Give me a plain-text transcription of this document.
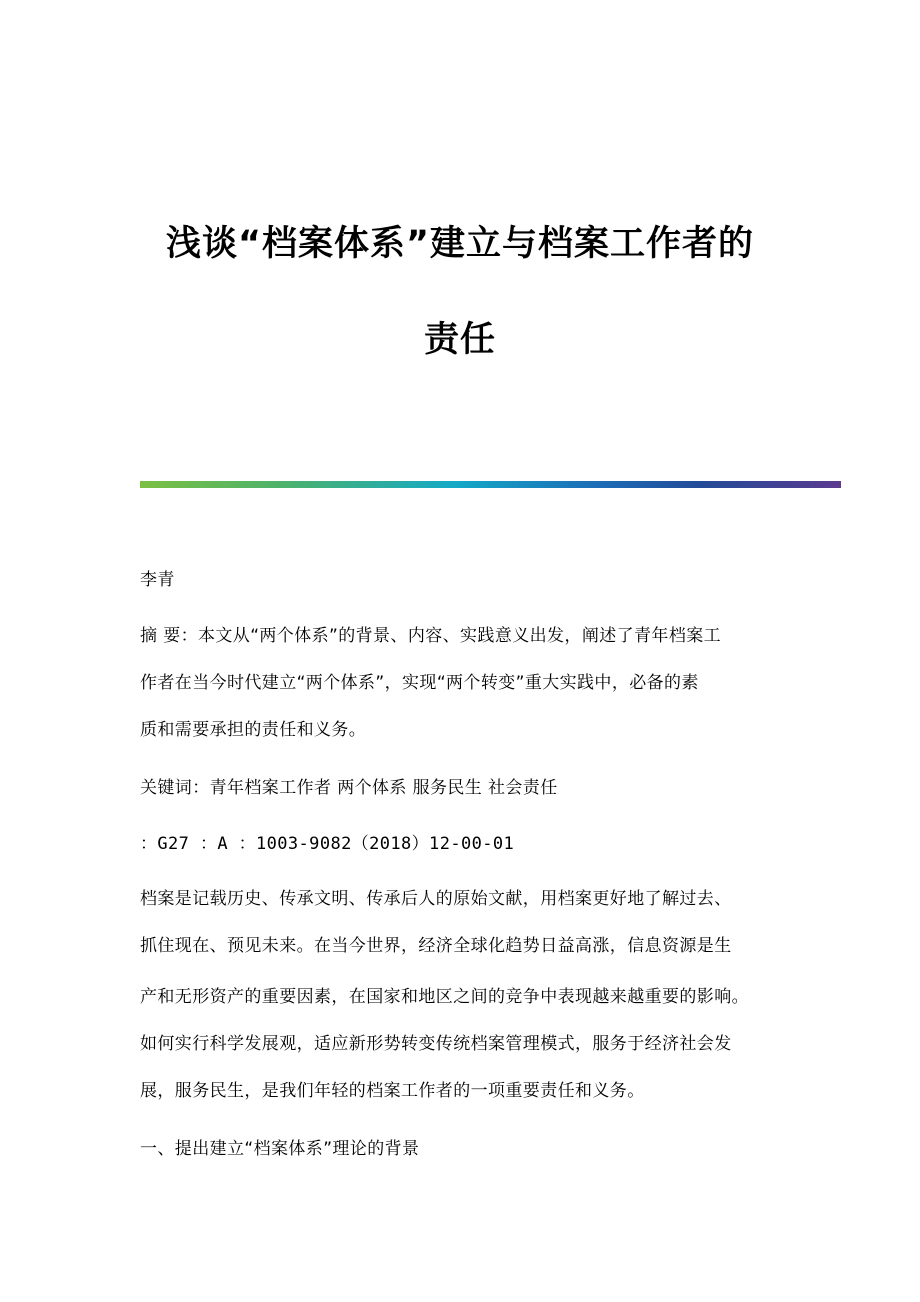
浅谈“档案体系”建立与档案工作者的
责任
李青
摘 要：本文从“两个体系”的背景、内容、实践意义出发，阐述了青年档案工
作者在当今时代建立“两个体系”，实现“两个转变”重大实践中，必备的素
质和需要承担的责任和义务。
关键词：青年档案工作者 两个体系 服务民生 社会责任
：G27 ：A ：1003-9082（2018）12-00-01
档案是记载历史、传承文明、传承后人的原始文献，用档案更好地了解过去、
抓住现在、预见未来。在当今世界，经济全球化趋势日益高涨，信息资源是生
产和无形资产的重要因素，在国家和地区之间的竞争中表现越来越重要的影响。
如何实行科学发展观，适应新形势转变传统档案管理模式，服务于经济社会发
展，服务民生，是我们年轻的档案工作者的一项重要责任和义务。
一、提出建立“档案体系”理论的背景
